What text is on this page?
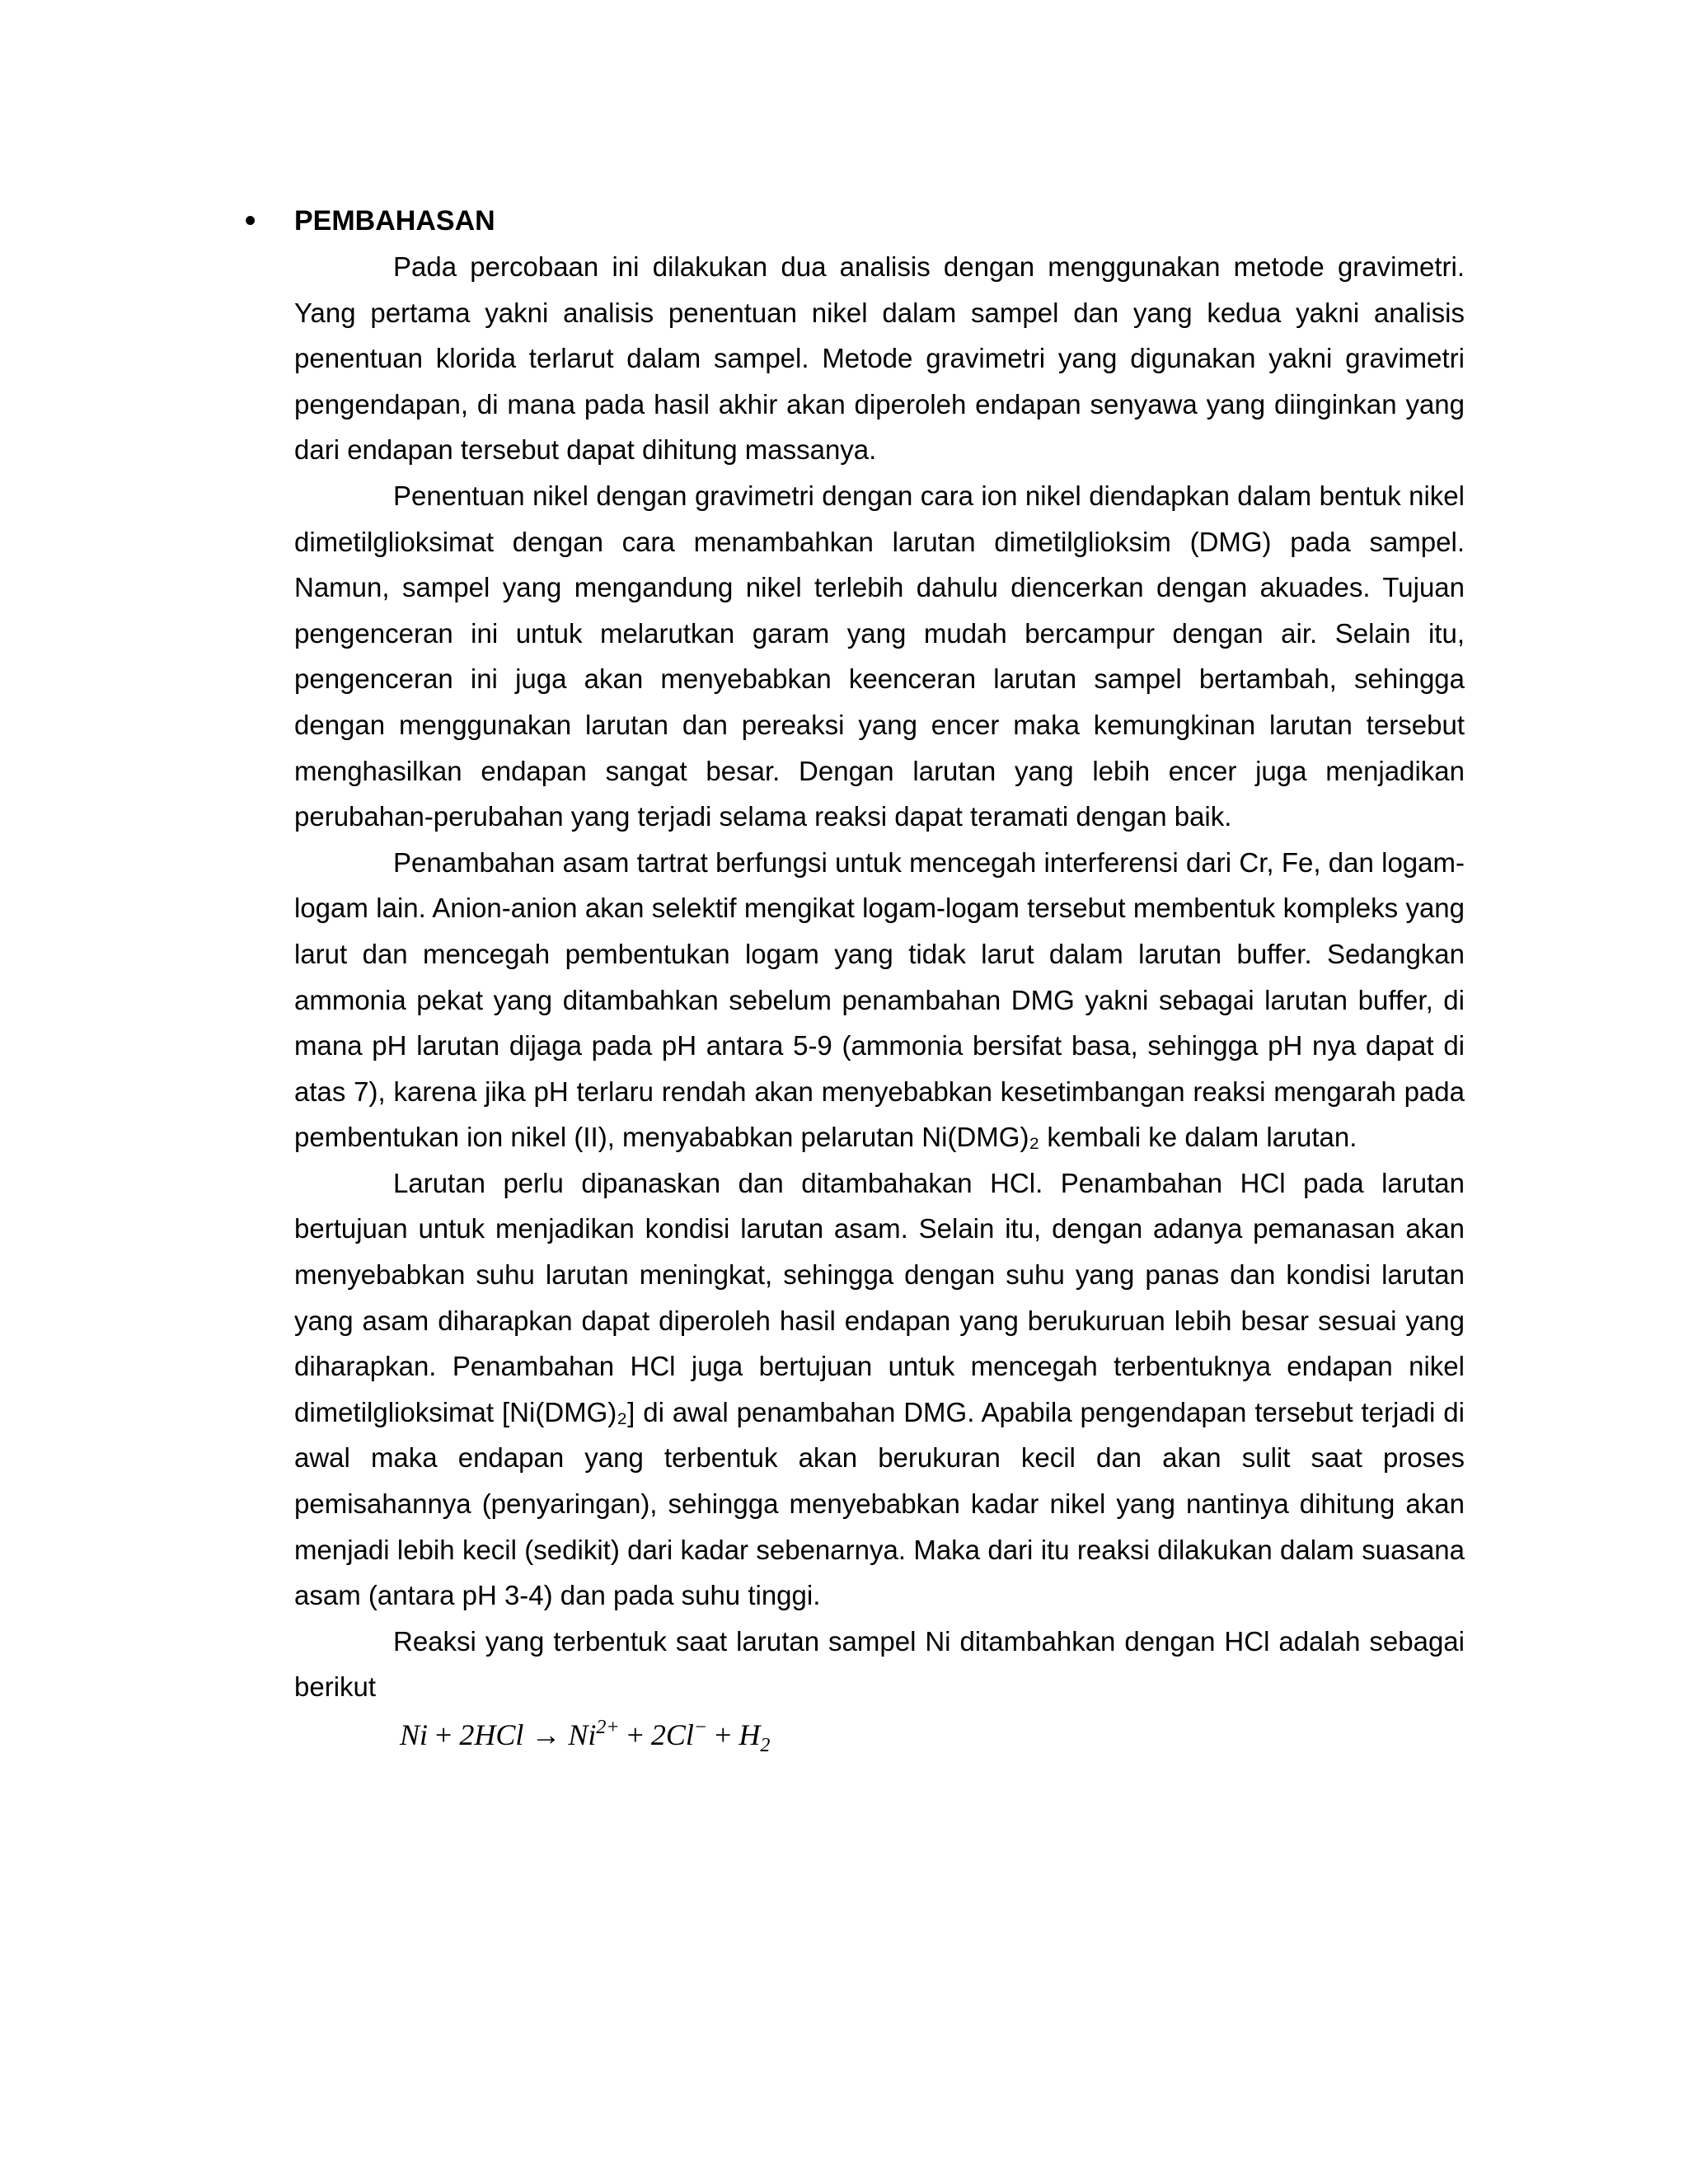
• PEMBAHASAN

Pada percobaan ini dilakukan dua analisis dengan menggunakan metode gravimetri. Yang pertama yakni analisis penentuan nikel dalam sampel dan yang kedua yakni analisis penentuan klorida terlarut dalam sampel. Metode gravimetri yang digunakan yakni gravimetri pengendapan, di mana pada hasil akhir akan diperoleh endapan senyawa yang diinginkan yang dari endapan tersebut dapat dihitung massanya.

Penentuan nikel dengan gravimetri dengan cara ion nikel diendapkan dalam bentuk nikel dimetilglioksimat dengan cara menambahkan larutan dimetilglioksim (DMG) pada sampel. Namun, sampel yang mengandung nikel terlebih dahulu diencerkan dengan akuades. Tujuan pengenceran ini untuk melarutkan garam yang mudah bercampur dengan air. Selain itu, pengenceran ini juga akan menyebabkan keenceran larutan sampel bertambah, sehingga dengan menggunakan larutan dan pereaksi yang encer maka kemungkinan larutan tersebut menghasilkan endapan sangat besar. Dengan larutan yang lebih encer juga menjadikan perubahan-perubahan yang terjadi selama reaksi dapat teramati dengan baik.

Penambahan asam tartrat berfungsi untuk mencegah interferensi dari Cr, Fe, dan logam-logam lain. Anion-anion akan selektif mengikat logam-logam tersebut membentuk kompleks yang larut dan mencegah pembentukan logam yang tidak larut dalam larutan buffer. Sedangkan ammonia pekat yang ditambahkan sebelum penambahan DMG yakni sebagai larutan buffer, di mana pH larutan dijaga pada pH antara 5-9 (ammonia bersifat basa, sehingga pH nya dapat di atas 7), karena jika pH terlaru rendah akan menyebabkan kesetimbangan reaksi mengarah pada pembentukan ion nikel (II), menyababkan pelarutan Ni(DMG)₂ kembali ke dalam larutan.

Larutan perlu dipanaskan dan ditambahakan HCl. Penambahan HCl pada larutan bertujuan untuk menjadikan kondisi larutan asam. Selain itu, dengan adanya pemanasan akan menyebabkan suhu larutan meningkat, sehingga dengan suhu yang panas dan kondisi larutan yang asam diharapkan dapat diperoleh hasil endapan yang berukuruan lebih besar sesuai yang diharapkan. Penambahan HCl juga bertujuan untuk mencegah terbentuknya endapan nikel dimetilglioksimat [Ni(DMG)₂] di awal penambahan DMG. Apabila pengendapan tersebut terjadi di awal maka endapan yang terbentuk akan berukuran kecil dan akan sulit saat proses pemisahannya (penyaringan), sehingga menyebabkan kadar nikel yang nantinya dihitung akan menjadi lebih kecil (sedikit) dari kadar sebenarnya. Maka dari itu reaksi dilakukan dalam suasana asam (antara pH 3-4) dan pada suhu tinggi.

Reaksi yang terbentuk saat larutan sampel Ni ditambahkan dengan HCl adalah sebagai berikut

$Ni + 2HCl \to Ni^{2+} + 2Cl^- + H_2$
